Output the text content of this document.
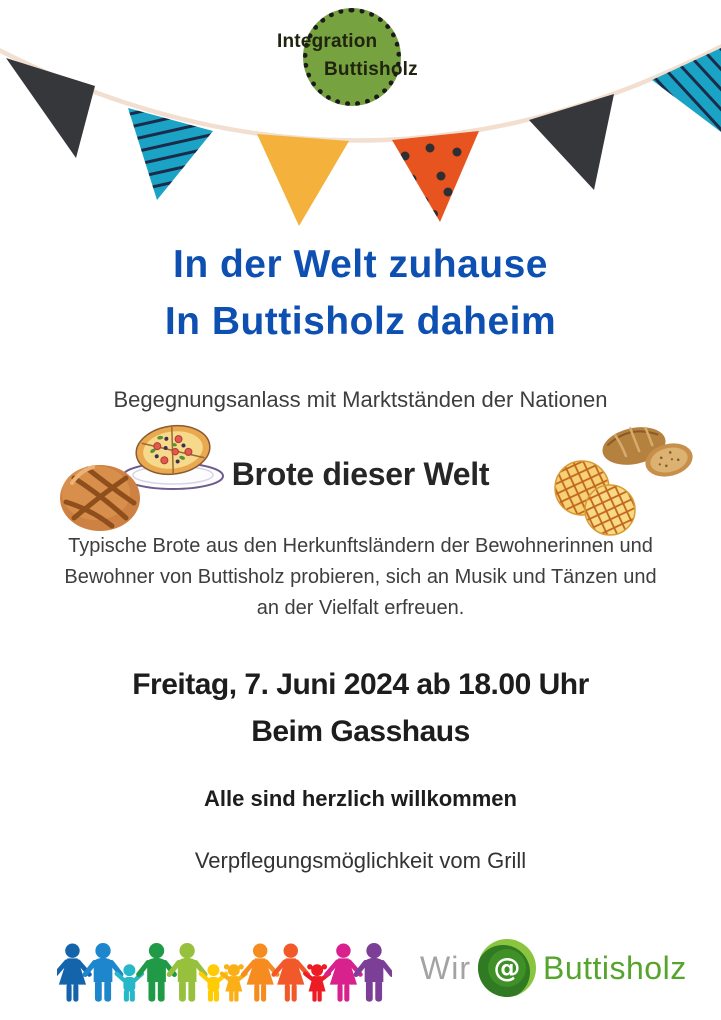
Integration
Buttisholz
In der Welt zuhause
In Buttisholz daheim
Begegnungsanlass mit Marktständen der Nationen
Brote dieser Welt
Typische Brote aus den Herkunftsländern der Bewohnerinnen und
Bewohner von Buttisholz probieren, sich an Musik und Tänzen und
an der Vielfalt erfreuen.
Freitag, 7. Juni 2024 ab 18.00 Uhr
Beim Gasshaus
Alle sind herzlich willkommen
Verpflegungsmöglichkeit vom Grill
Wir @ Buttisholz
